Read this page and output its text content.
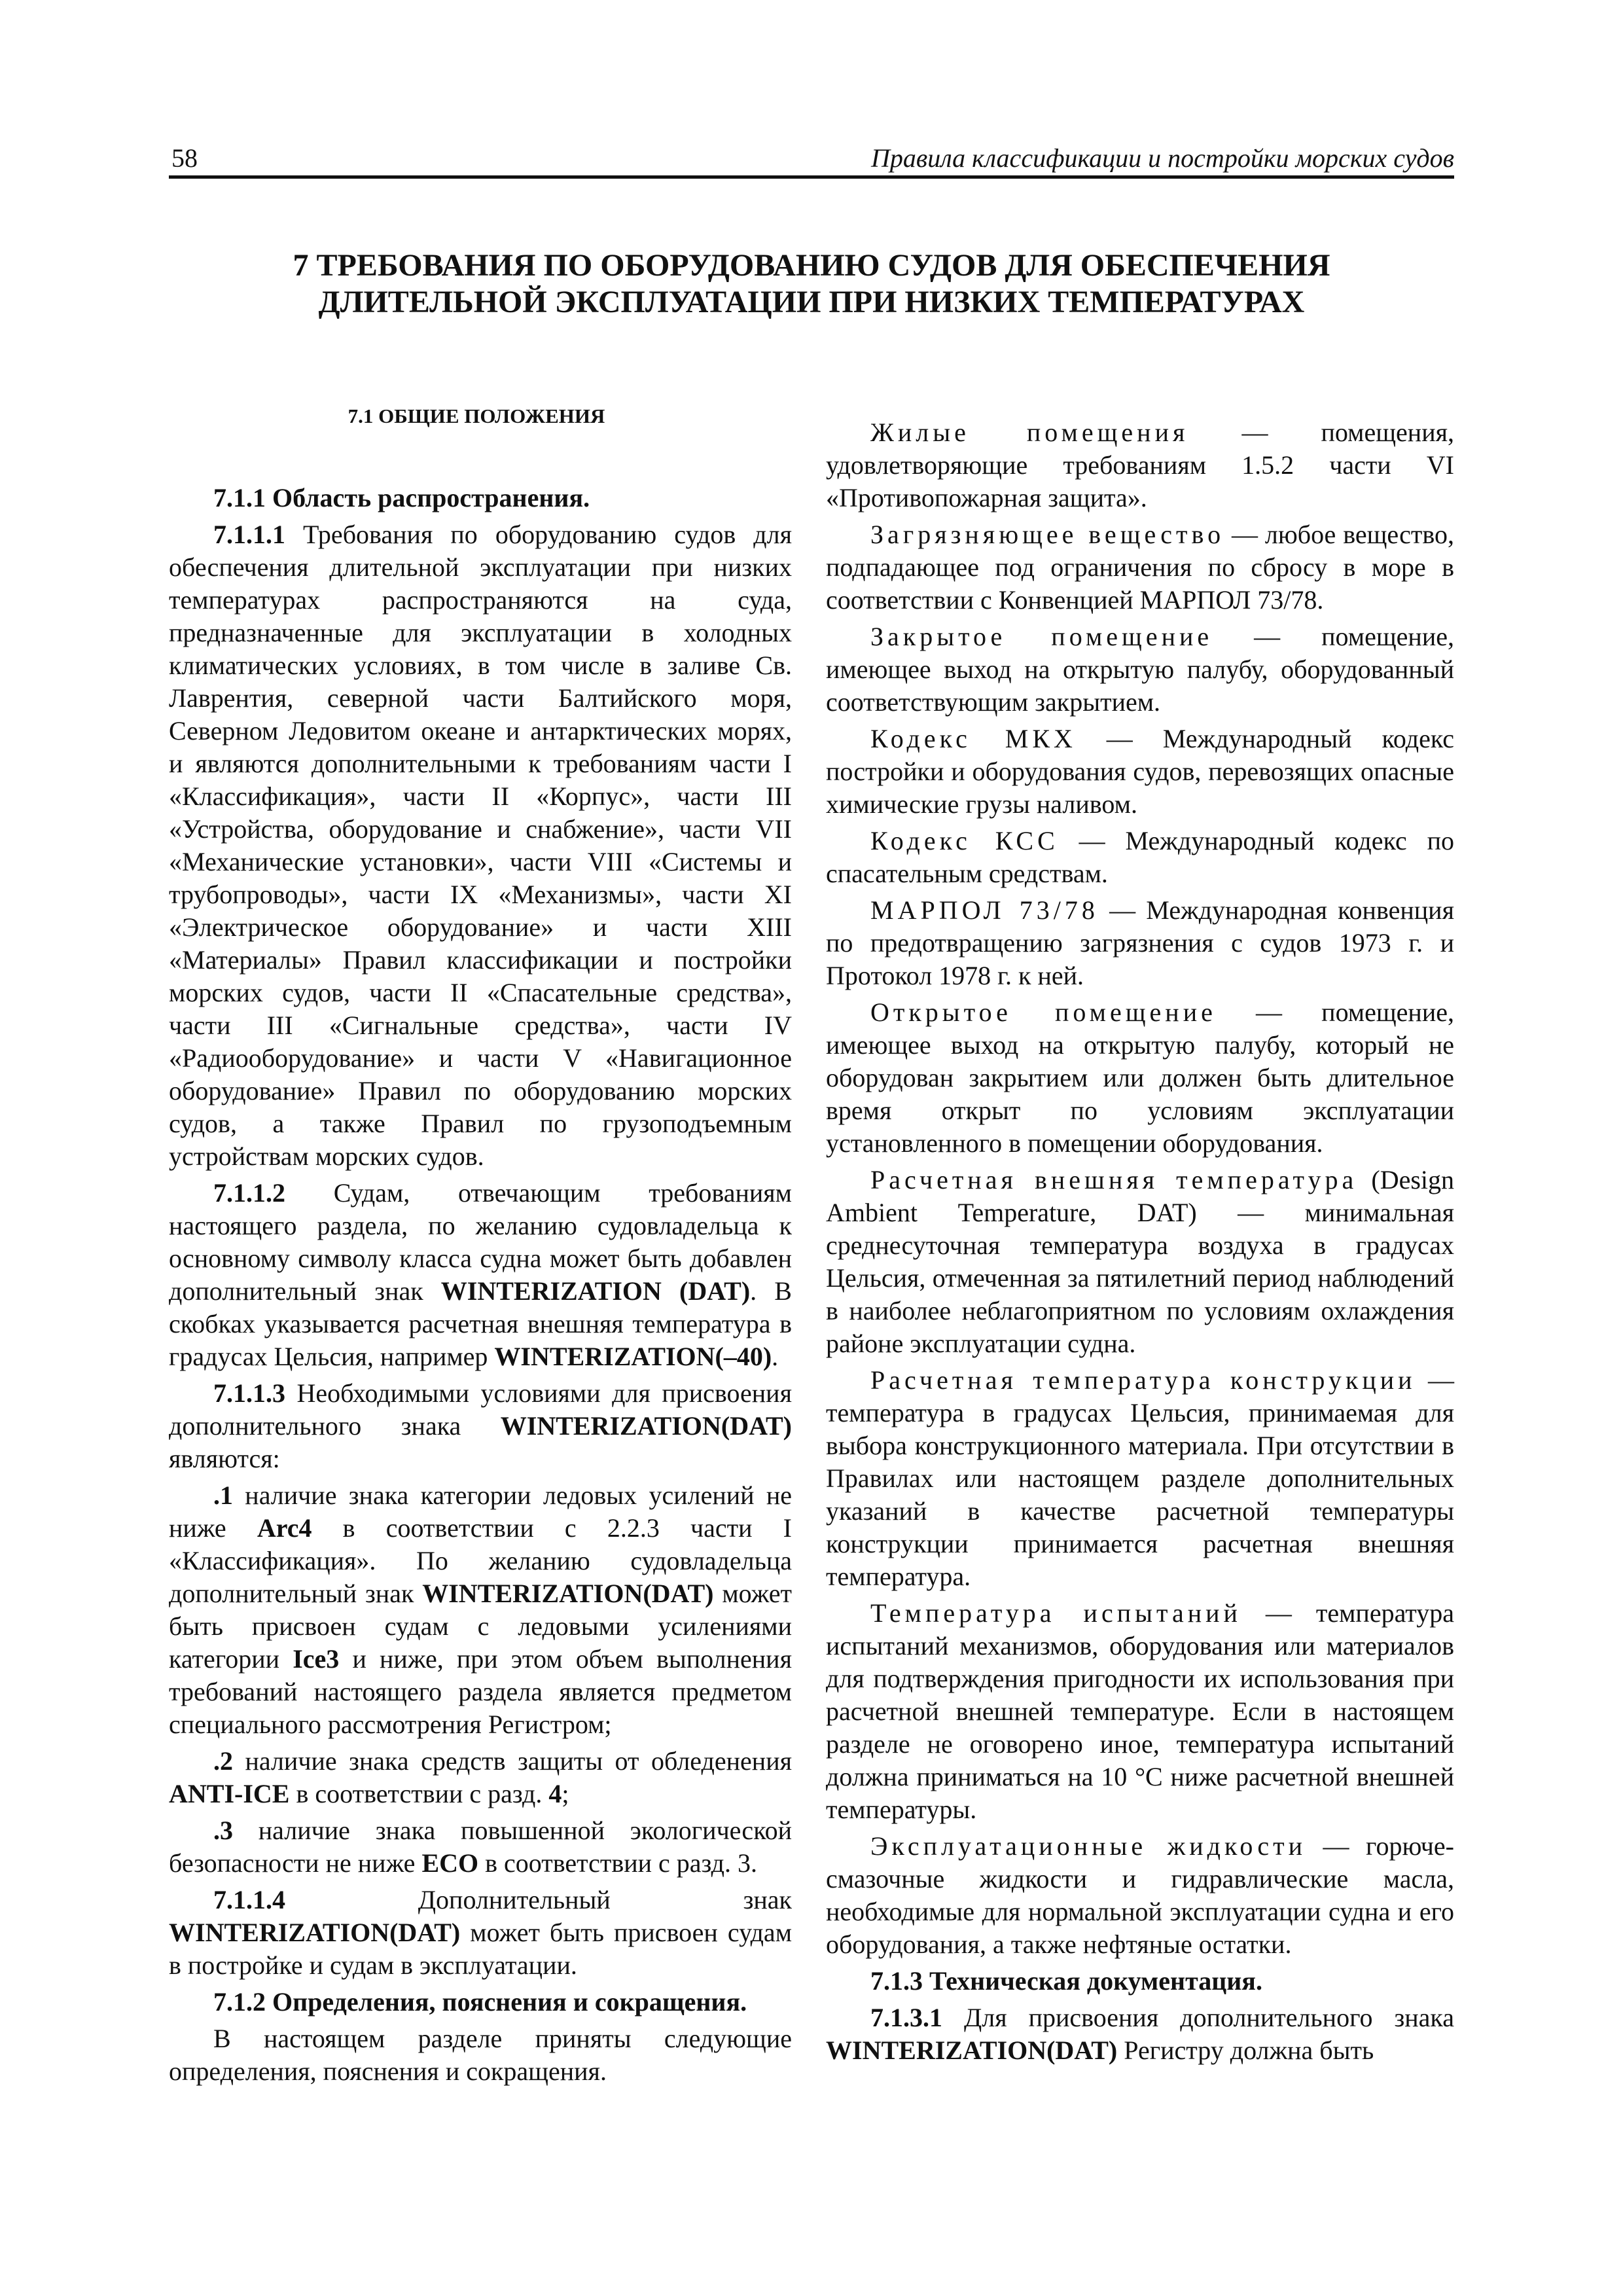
58	Правила классификации и постройки морских судов
7 ТРЕБОВАНИЯ ПО ОБОРУДОВАНИЮ СУДОВ ДЛЯ ОБЕСПЕЧЕНИЯ
ДЛИТЕЛЬНОЙ ЭКСПЛУАТАЦИИ ПРИ НИЗКИХ ТЕМПЕРАТУРАХ
7.1 ОБЩИЕ ПОЛОЖЕНИЯ

7.1.1 Область распространения.

7.1.1.1 Требования по оборудованию судов для обеспечения длительной эксплуатации при низких температурах распространяются на суда, предназначенные для эксплуатации в холодных климатических условиях, в том числе в заливе Св. Лаврентия, северной части Балтийского моря, Северном Ледовитом океане и антарктических морях, и являются дополнительными к требованиям части I «Классификация», части II «Корпус», части III «Устройства, оборудование и снабжение», части VII «Механические установки», части VIII «Системы и трубопроводы», части IX «Механизмы», части XI «Электрическое оборудование» и части XIII «Материалы» Правил классификации и постройки морских судов, части II «Спасательные средства», части III «Сигнальные средства», части IV «Радиооборудование» и части V «Навигационное оборудование» Правил по оборудованию морских судов, а также Правил по грузоподъемным устройствам морских судов.

7.1.1.2 Судам, отвечающим требованиям настоящего раздела, по желанию судовладельца к основному символу класса судна может быть добавлен дополнительный знак WINTERIZATION (DAT). В скобках указывается расчетная внешняя температура в градусах Цельсия, например WINTERIZATION(–40).

7.1.1.3 Необходимыми условиями для присвоения дополнительного знака WINTERIZATION(DAT) являются:

.1 наличие знака категории ледовых усилений не ниже Arc4 в соответствии с 2.2.3 части I «Классификация». По желанию судовладельца дополнительный знак WINTERIZATION(DAT) может быть присвоен судам с ледовыми усилениями категории Ice3 и ниже, при этом объем выполнения требований настоящего раздела является предметом специального рассмотрения Регистром;

.2 наличие знака средств защиты от обледенения ANTI-ICE в соответствии с разд. 4;

.3 наличие знака повышенной экологической безопасности не ниже ECO в соответствии с разд. 3.

7.1.1.4 Дополнительный знак WINTERIZATION(DAT) может быть присвоен судам в постройке и судам в эксплуатации.

7.1.2 Определения, пояснения и сокращения.

В настоящем разделе приняты следующие определения, пояснения и сокращения.

Жилые помещения — помещения, удовлетворяющие требованиям 1.5.2 части VI «Противопожарная защита».

Загрязняющее вещество — любое вещество, подпадающее под ограничения по сбросу в море в соответствии с Конвенцией МАРПОЛ 73/78.

Закрытое помещение — помещение, имеющее выход на открытую палубу, оборудованный соответствующим закрытием.

Кодекс МКХ — Международный кодекс постройки и оборудования судов, перевозящих опасные химические грузы наливом.

Кодекс КСС — Международный кодекс по спасательным средствам.

МАРПОЛ 73/78 — Международная конвенция по предотвращению загрязнения с судов 1973 г. и Протокол 1978 г. к ней.

Открытое помещение — помещение, имеющее выход на открытую палубу, который не оборудован закрытием или должен быть длительное время открыт по условиям эксплуатации установленного в помещении оборудования.

Расчетная внешняя температура (Design Ambient Temperature, DAT) — минимальная среднесуточная температура воздуха в градусах Цельсия, отмеченная за пятилетний период наблюдений в наиболее неблагоприятном по условиям охлаждения районе эксплуатации судна.

Расчетная температура конструкции — температура в градусах Цельсия, принимаемая для выбора конструкционного материала. При отсутствии в Правилах или настоящем разделе дополнительных указаний в качестве расчетной температуры конструкции принимается расчетная внешняя температура.

Температура испытаний — температура испытаний механизмов, оборудования или материалов для подтверждения пригодности их использования при расчетной внешней температуре. Если в настоящем разделе не оговорено иное, температура испытаний должна приниматься на 10 °С ниже расчетной внешней температуры.

Эксплуатационные жидкости — горюче-смазочные жидкости и гидравлические масла, необходимые для нормальной эксплуатации судна и его оборудования, а также нефтяные остатки.

7.1.3 Техническая документация.

7.1.3.1 Для присвоения дополнительного знака WINTERIZATION(DAT) Регистру должна быть
